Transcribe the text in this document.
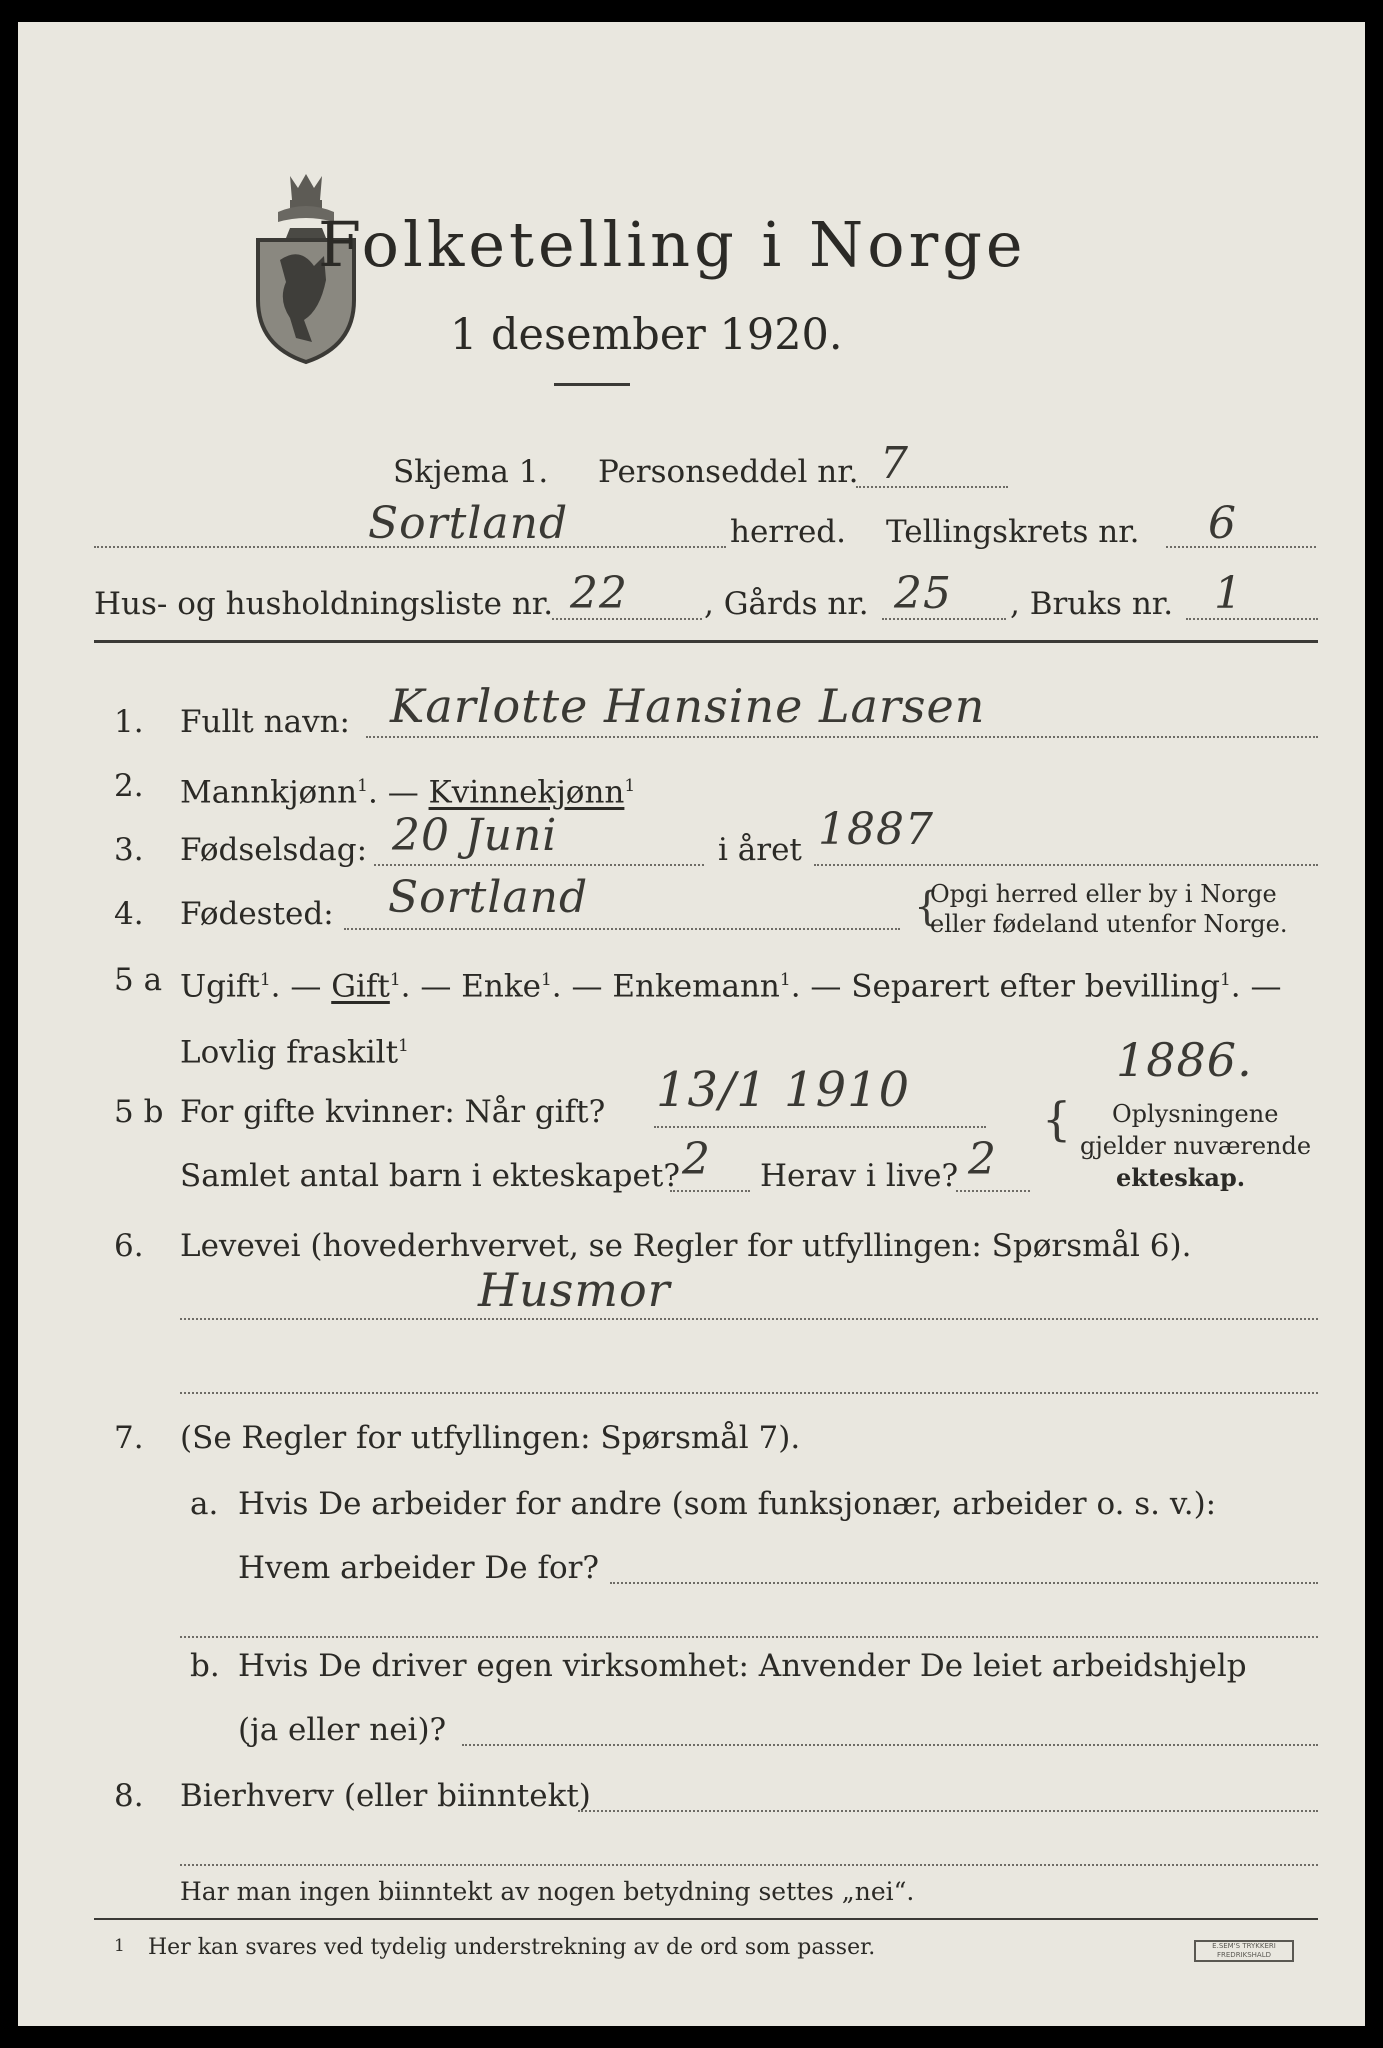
Folketelling i Norge
1 desember 1920.
Skjema 1. Personseddel nr. 7
Sortland	herred. Tellingskrets nr. 6
Hus- og husholdningsliste nr. 22 , Gårds nr. 25 , Bruks nr. 1
1. Fullt navn: Karlotte Hansine Larsen
2. Mannkjønn$^1$. — Kvinnekjønn$^1$
3. Fødselsdag: 20 Juni	i året 1887
4. Fødested: Sortland	{
Opgi herred eller by i Norge
eller fødeland utenfor Norge.
5 a Ugift$^1$. — Gift$^1$. — Enke$^1$. — Enkemann$^1$. — Separert efter bevilling$^1$. —
Lovlig fraskilt$^1$
5 b For gifte kvinner: Når gift? 13/1 1910
1886.
{ Oplysningene
gjelder nuværende
ekteskap.
Samlet antal barn i ekteskapet? 2 Herav i live? 2
6. Levevei (hovederhvervet, se Regler for utfyllingen: Spørsmål 6).
Husmor
7. (Se Regler for utfyllingen: Spørsmål 7).
a. Hvis De arbeider for andre (som funksjonær, arbeider o. s. v.):
Hvem arbeider De for?
b. Hvis De driver egen virksomhet: Anvender De leiet arbeidshjelp
(ja eller nei)?
8. Bierhverv (eller biinntekt)
Har man ingen biinntekt av nogen betydning settes „nei“.
1 Her kan svares ved tydelig understrekning av de ord som passer.	E.SEM'S TRYKKERI FREDRIKSHALD
